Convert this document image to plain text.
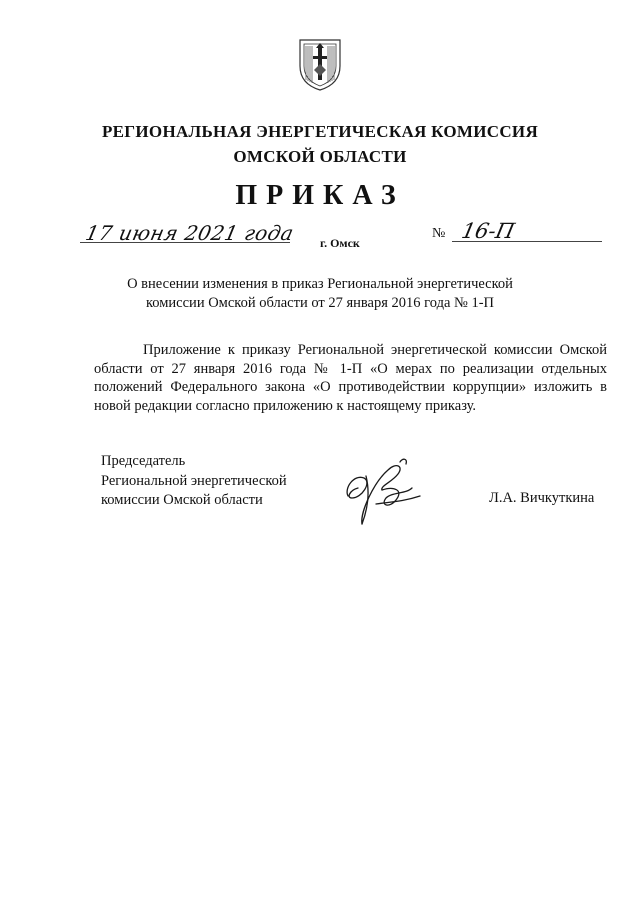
РЕГИОНАЛЬНАЯ ЭНЕРГЕТИЧЕСКАЯ КОМИССИЯ
ОМСКОЙ ОБЛАСТИ
ПРИКАЗ
17 июня 2021 года г. Омск
№ 16-П
О внесении изменения в приказ Региональной энергетической
комиссии Омской области от 27 января 2016 года № 1-П
Приложение к приказу Региональной энергетической комиссии Омской
области от 27 января 2016 года № 1-П «О мерах по реализации отдельных
положений Федерального закона «О противодействии коррупции» изложить в
новой редакции согласно приложению к настоящему приказу.
Председатель
Региональной энергетической
комиссии Омской области	Л.А. Вичкуткина
